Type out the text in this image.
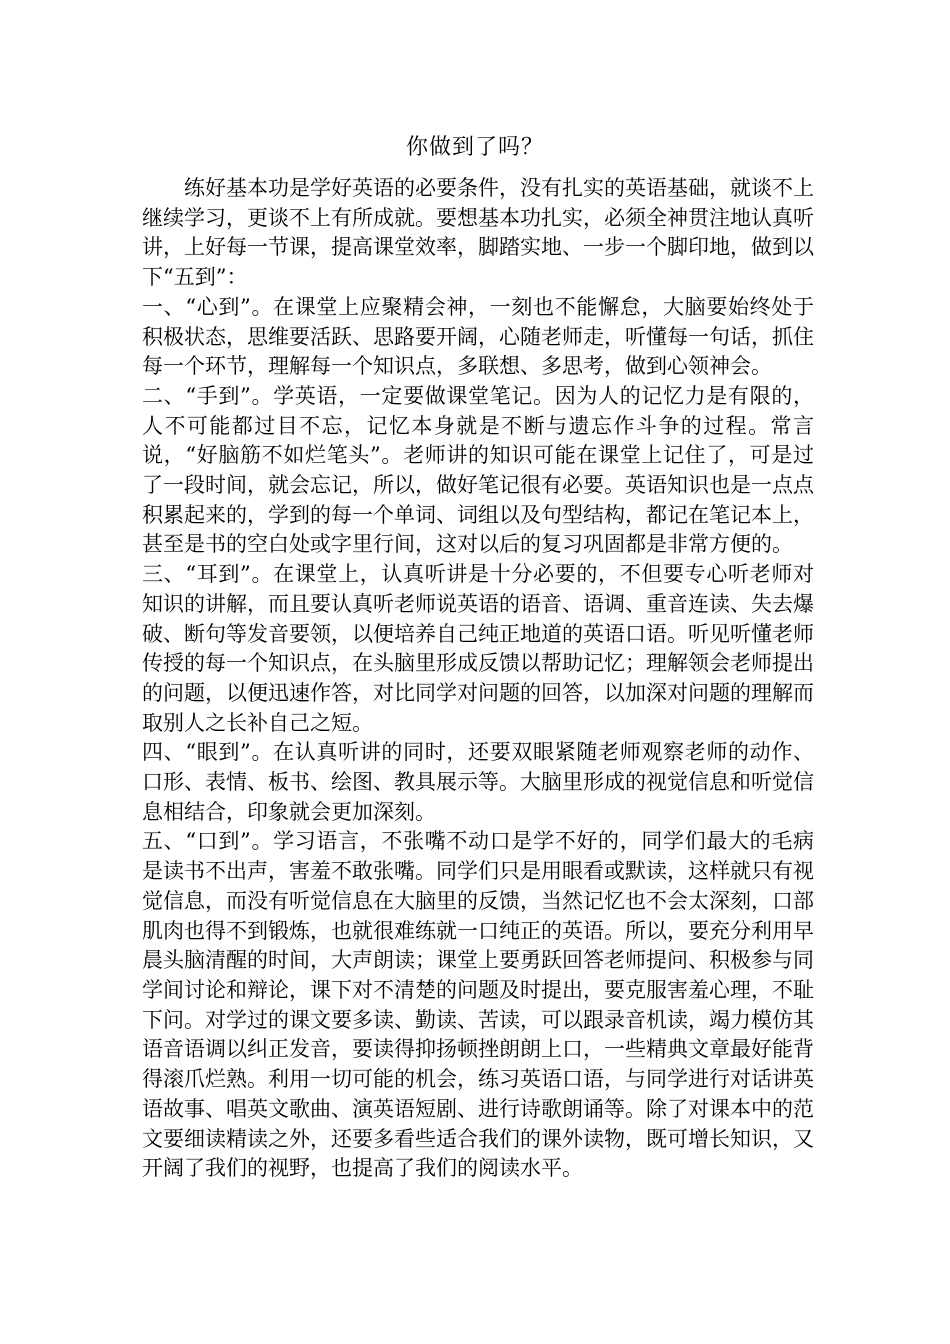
你做到了吗？

练好基本功是学好英语的必要条件，没有扎实的英语基础，就谈不上继续学习，更谈不上有所成就。要想基本功扎实，必须全神贯注地认真听讲，上好每一节课，提高课堂效率，脚踏实地、一步一个脚印地，做到以下“五到”：

一、“心到”。在课堂上应聚精会神，一刻也不能懈怠，大脑要始终处于积极状态，思维要活跃、思路要开阔，心随老师走，听懂每一句话，抓住每一个环节，理解每一个知识点，多联想、多思考，做到心领神会。

二、“手到”。学英语，一定要做课堂笔记。因为人的记忆力是有限的，人不可能都过目不忘，记忆本身就是不断与遗忘作斗争的过程。常言说，“好脑筋不如烂笔头”。老师讲的知识可能在课堂上记住了，可是过了一段时间，就会忘记，所以，做好笔记很有必要。英语知识也是一点点积累起来的，学到的每一个单词、词组以及句型结构，都记在笔记本上，甚至是书的空白处或字里行间，这对以后的复习巩固都是非常方便的。

三、“耳到”。在课堂上，认真听讲是十分必要的，不但要专心听老师对知识的讲解，而且要认真听老师说英语的语音、语调、重音连读、失去爆破、断句等发音要领，以便培养自己纯正地道的英语口语。听见听懂老师传授的每一个知识点，在头脑里形成反馈以帮助记忆；理解领会老师提出的问题，以便迅速作答，对比同学对问题的回答，以加深对问题的理解而取别人之长补自己之短。

四、“眼到”。在认真听讲的同时，还要双眼紧随老师观察老师的动作、口形、表情、板书、绘图、教具展示等。大脑里形成的视觉信息和听觉信息相结合，印象就会更加深刻。

五、“口到”。学习语言，不张嘴不动口是学不好的，同学们最大的毛病是读书不出声，害羞不敢张嘴。同学们只是用眼看或默读，这样就只有视觉信息，而没有听觉信息在大脑里的反馈，当然记忆也不会太深刻，口部肌肉也得不到锻炼，也就很难练就一口纯正的英语。所以，要充分利用早晨头脑清醒的时间，大声朗读；课堂上要勇跃回答老师提问、积极参与同学间讨论和辩论，课下对不清楚的问题及时提出，要克服害羞心理，不耻下问。对学过的课文要多读、勤读、苦读，可以跟录音机读，竭力模仿其语音语调以纠正发音，要读得抑扬顿挫朗朗上口，一些精典文章最好能背得滚爪烂熟。利用一切可能的机会，练习英语口语，与同学进行对话讲英语故事、唱英文歌曲、演英语短剧、进行诗歌朗诵等。除了对课本中的范文要细读精读之外，还要多看些适合我们的课外读物，既可增长知识，又开阔了我们的视野，也提高了我们的阅读水平。
